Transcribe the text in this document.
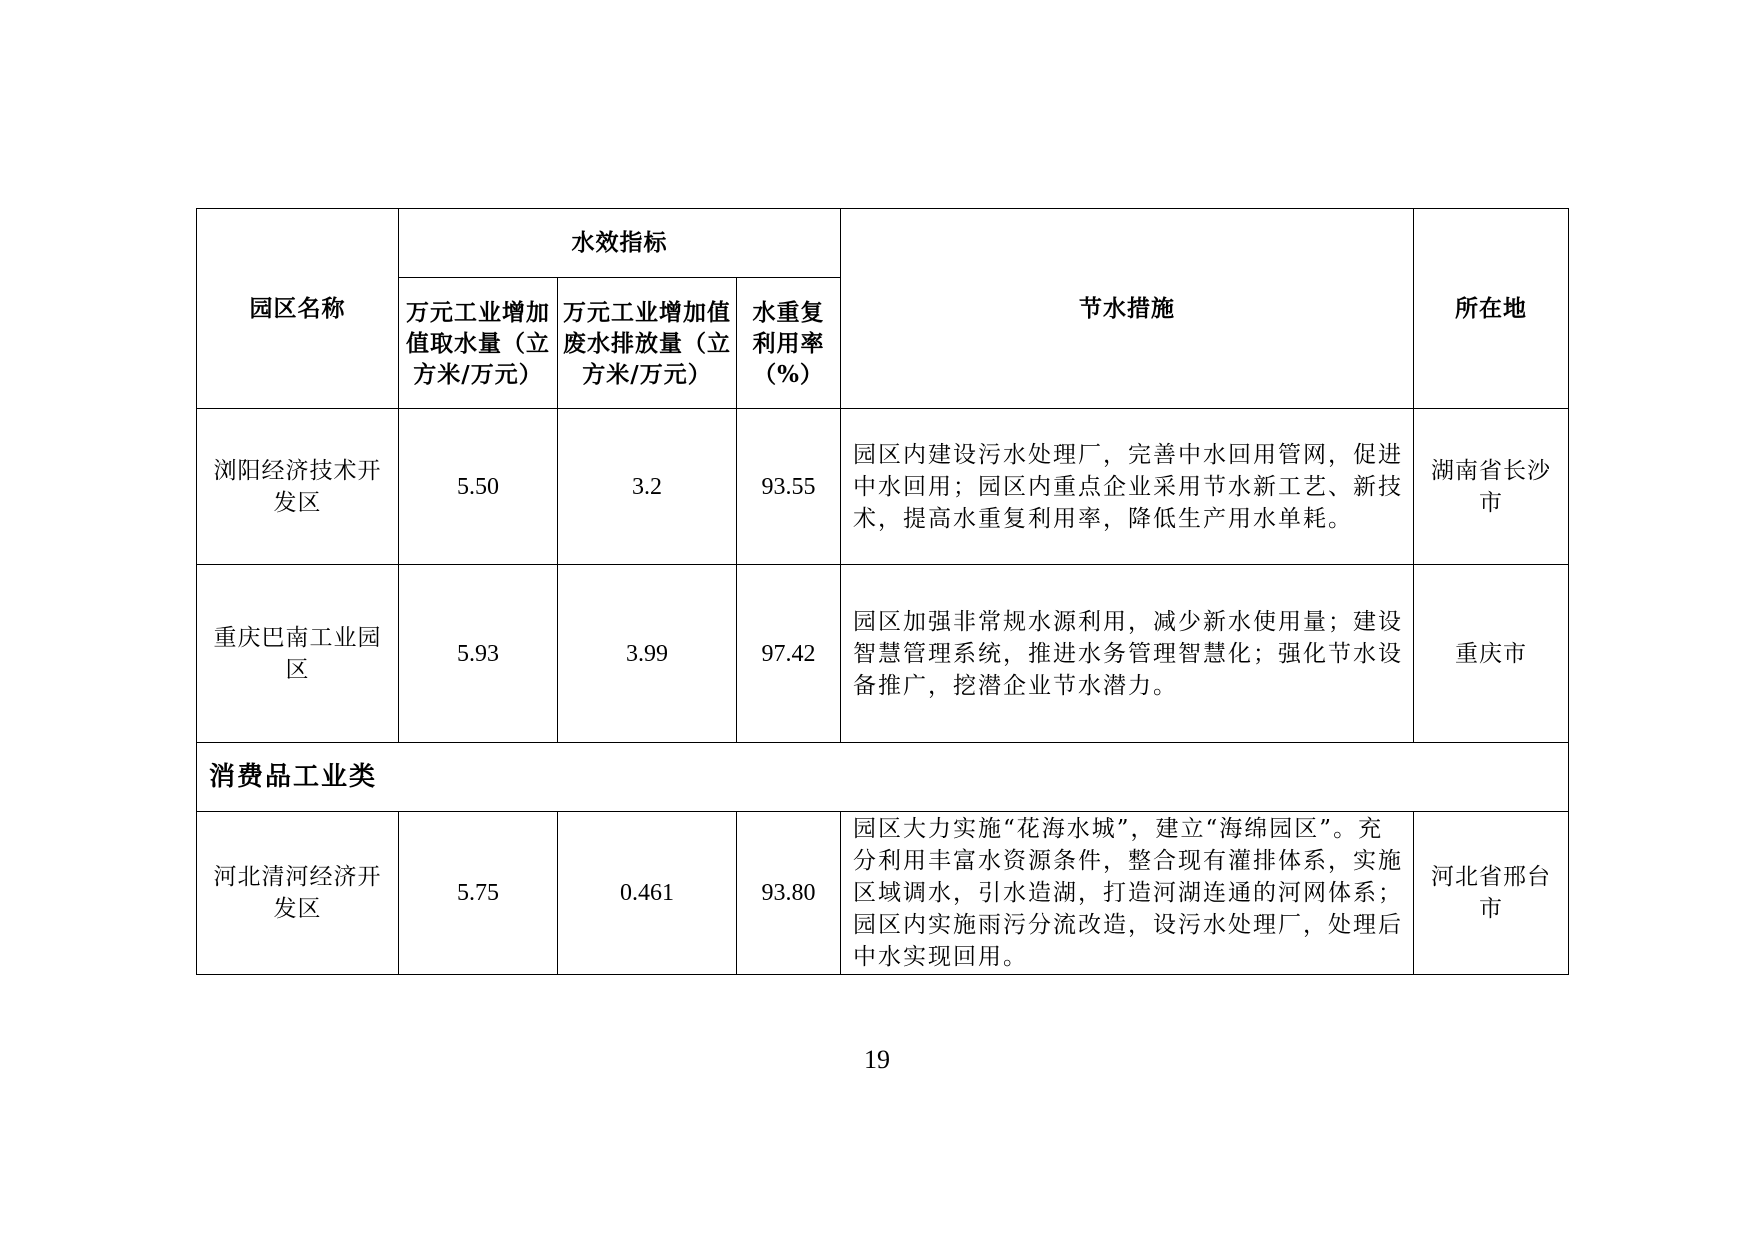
园区名称	水效指标			节水措施	所在地
	万元工业增加值取水量（立方米/万元）	万元工业增加值废水排放量（立方米/万元）	水重复利用率（%）		
浏阳经济技术开发区	5.50	3.2	93.55	园区内建设污水处理厂，完善中水回用管网，促进中水回用；园区内重点企业采用节水新工艺、新技术，提高水重复利用率，降低生产用水单耗。	湖南省长沙市
重庆巴南工业园区	5.93	3.99	97.42	园区加强非常规水源利用，减少新水使用量；建设智慧管理系统，推进水务管理智慧化；强化节水设备推广，挖潜企业节水潜力。	重庆市
消费品工业类					
河北清河经济开发区	5.75	0.461	93.80	园区大力实施“花海水城”，建立“海绵园区”。充分利用丰富水资源条件，整合现有灌排体系，实施区域调水，引水造湖，打造河湖连通的河网体系；园区内实施雨污分流改造，设污水处理厂，处理后中水实现回用。	河北省邢台市
19
